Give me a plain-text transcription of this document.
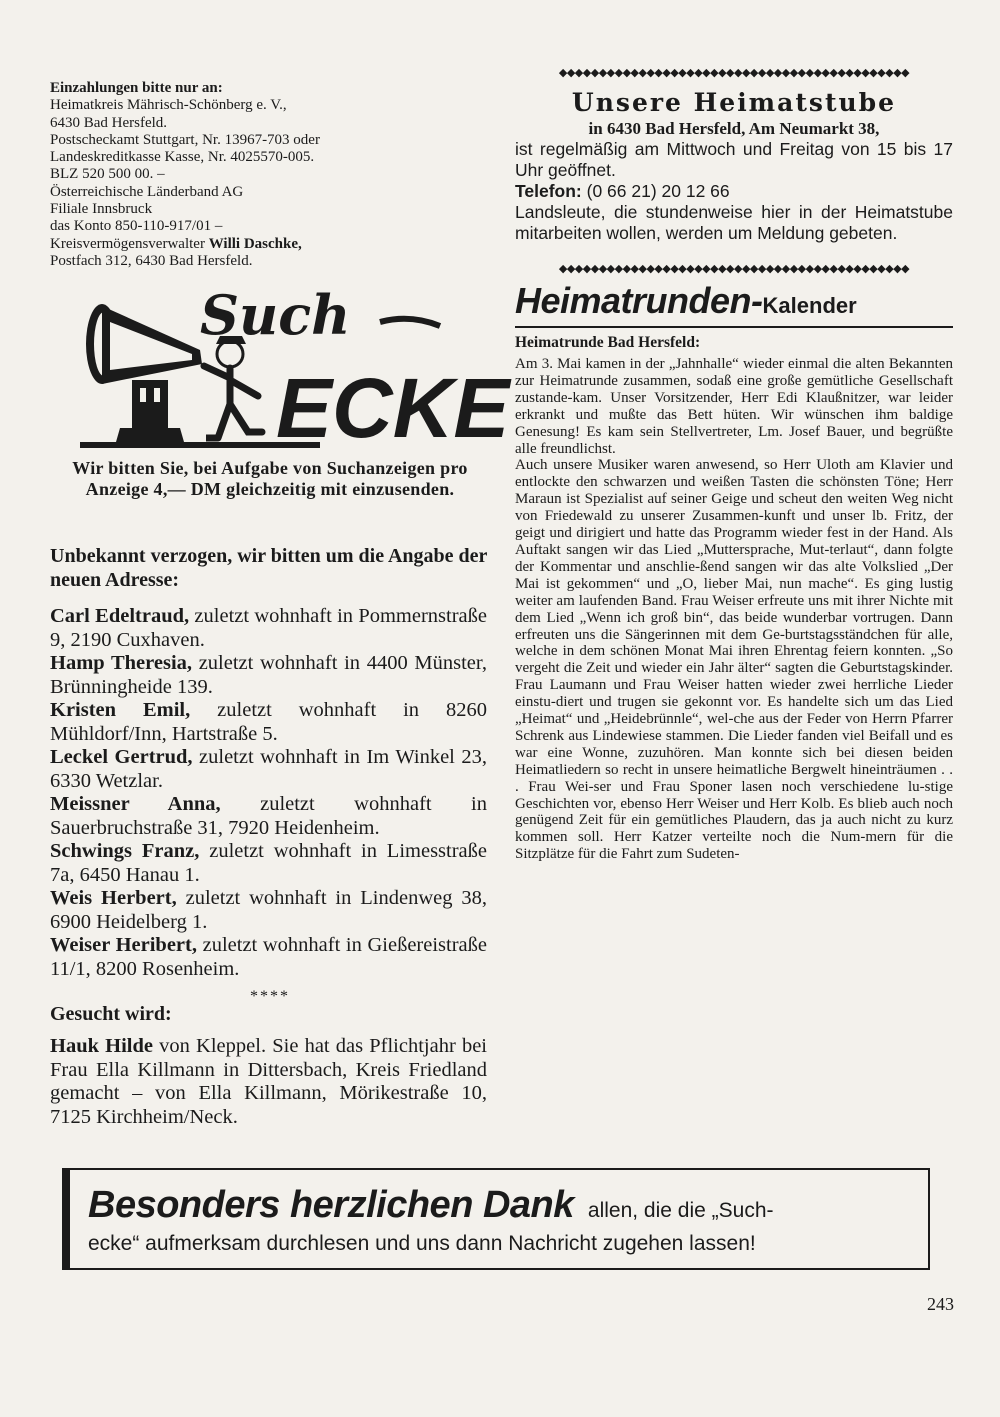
Einzahlungen bitte nur an:
Heimatkreis Mährisch-Schönberg e. V.,
6430 Bad Hersfeld.
Postscheckamt Stuttgart, Nr. 13967-703 oder
Landeskreditkasse Kasse, Nr. 4025570-005.
BLZ 520 500 00. –
Österreichische Länderband AG
Filiale Innsbruck
das Konto 850-110-917/01 –
Kreisvermögensverwalter Willi Daschke,
Postfach 312, 6430 Bad Hersfeld.
Such
ECKE
Wir bitten Sie, bei Aufgabe von Suchanzeigen pro Anzeige 4,— DM gleichzeitig mit einzusenden.
Unbekannt verzogen, wir bitten um die Angabe der neuen Adresse:

Carl Edeltraud, zuletzt wohnhaft in Pommernstraße 9, 2190 Cuxhaven.

Hamp Theresia, zuletzt wohnhaft in 4400 Münster, Brünningheide 139.

Kristen Emil, zuletzt wohnhaft in 8260 Mühldorf/Inn, Hartstraße 5.

Leckel Gertrud, zuletzt wohnhaft in Im Winkel 23, 6330 Wetzlar.

Meissner Anna, zuletzt wohnhaft in Sauerbruchstraße 31, 7920 Heidenheim.

Schwings Franz, zuletzt wohnhaft in Limesstraße 7a, 6450 Hanau 1.

Weis Herbert, zuletzt wohnhaft in Lindenweg 38, 6900 Heidelberg 1.

Weiser Heribert, zuletzt wohnhaft in Gießereistraße 11/1, 8200 Rosenheim.

****
Gesucht wird:
Hauk Hilde von Kleppel. Sie hat das Pflichtjahr bei Frau Ella Killmann in Dittersbach, Kreis Friedland gemacht – von Ella Killmann, Mörikestraße 10, 7125 Kirchheim/Neck.
◆◆◆◆◆◆◆◆◆◆◆◆◆◆◆◆◆◆◆◆◆◆◆◆◆◆◆◆◆◆◆◆◆◆◆◆◆◆◆◆◆◆◆◆
Unsere Heimatstube
in 6430 Bad Hersfeld, Am Neumarkt 38,
ist regelmäßig am Mittwoch und Freitag von 15 bis 17 Uhr geöffnet.
Telefon: (0 66 21) 20 12 66
Landsleute, die stundenweise hier in der Heimatstube mitarbeiten wollen, werden um Meldung gebeten.
◆◆◆◆◆◆◆◆◆◆◆◆◆◆◆◆◆◆◆◆◆◆◆◆◆◆◆◆◆◆◆◆◆◆◆◆◆◆◆◆◆◆◆◆
Heimatrunden-Kalender
Heimatrunde Bad Hersfeld:
Am 3. Mai kamen in der „Jahnhalle“ wieder einmal die alten Bekannten zur Heimatrunde zusammen, sodaß eine große gemütliche Gesellschaft zustande-kam. Unser Vorsitzender, Herr Edi Klaußnitzer, war leider erkrankt und mußte das Bett hüten. Wir wünschen ihm baldige Genesung! Es kam sein Stellvertreter, Lm. Josef Bauer, und begrüßte alle freundlichst.
Auch unsere Musiker waren anwesend, so Herr Uloth am Klavier und entlockte den schwarzen und weißen Tasten die schönsten Töne; Herr Maraun ist Spezialist auf seiner Geige und scheut den weiten Weg nicht von Friedewald zu unserer Zusammen-kunft und unser lb. Fritz, der geigt und dirigiert und hatte das Programm wieder fest in der Hand. Als Auftakt sangen wir das Lied „Muttersprache, Mut-terlaut“, dann folgte der Kommentar und anschlie-ßend sangen wir das alte Volkslied „Der Mai ist gekommen“ und „O, lieber Mai, nun mache“. Es ging lustig weiter am laufenden Band. Frau Weiser erfreute uns mit ihrer Nichte mit dem Lied „Wenn ich groß bin“, das beide wunderbar vortrugen. Dann erfreuten uns die Sängerinnen mit dem Ge-burtstagsständchen für alle, welche in dem schönen Monat Mai ihren Ehrentag feiern konnten. „So vergeht die Zeit und wieder ein Jahr älter“ sagten die Geburtstagskinder. Frau Laumann und Frau Weiser hatten wieder zwei herrliche Lieder einstu-diert und trugen sie gekonnt vor. Es handelte sich um das Lied „Heimat“ und „Heidebrünnle“, wel-che aus der Feder von Herrn Pfarrer Schrenk aus Lindewiese stammen. Die Lieder fanden viel Beifall und es war eine Wonne, zuzuhören. Man konnte sich bei diesen beiden Heimatliedern so recht in unsere heimatliche Bergwelt hineinträumen . . . Frau Wei-ser und Frau Sponer lasen noch verschiedene lu-stige Geschichten vor, ebenso Herr Weiser und Herr Kolb. Es blieb auch noch genügend Zeit für ein gemütliches Plaudern, das ja auch nicht zu kurz kommen soll. Herr Katzer verteilte noch die Num-mern für die Sitzplätze für die Fahrt zum Sudeten-
Besonders herzlichen Dank allen, die die „Such-
ecke“ aufmerksam durchlesen und uns dann Nachricht zugehen lassen!
243
